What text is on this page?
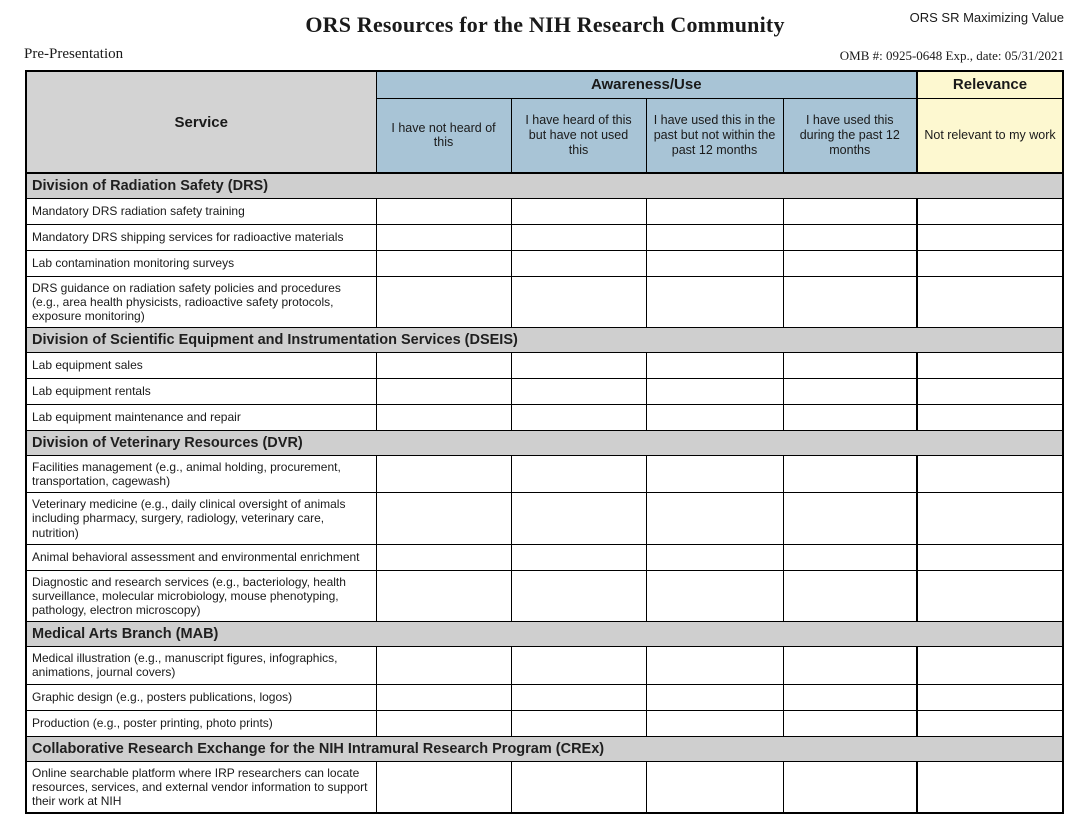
ORS SR Maximizing Value
ORS Resources for the NIH Research Community
Pre-Presentation	OMB #: 0925-0648 Exp., date: 05/31/2021
Service	Awareness/Use				Relevance
	I have not heard of this	I have heard of this but have not used this	I have used this in the past but not within the past 12 months	I have used this during the past 12 months	Not relevant to my work
Division of Radiation Safety (DRS)					
Mandatory DRS radiation safety training					
Mandatory DRS shipping services for radioactive materials					
Lab contamination monitoring surveys					
DRS guidance on radiation safety policies and procedures (e.g., area health physicists, radioactive safety protocols, exposure monitoring)					
Division of Scientific Equipment and Instrumentation Services (DSEIS)					
Lab equipment sales					
Lab equipment rentals					
Lab equipment maintenance and repair					
Division of Veterinary Resources (DVR)					
Facilities management (e.g., animal holding, procurement, transportation, cagewash)					
Veterinary medicine (e.g., daily clinical oversight of animals including pharmacy, surgery, radiology, veterinary care, nutrition)					
Animal behavioral assessment and environmental enrichment					
Diagnostic and research services (e.g., bacteriology, health surveillance, molecular microbiology, mouse phenotyping, pathology, electron microscopy)					
Medical Arts Branch (MAB)					
Medical illustration (e.g., manuscript figures, infographics, animations, journal covers)					
Graphic design (e.g., posters publications, logos)					
Production (e.g., poster printing, photo prints)					
Collaborative Research Exchange for the NIH Intramural Research Program (CREx)					
Online searchable platform where IRP researchers can locate resources, services, and external vendor information to support their work at NIH					
